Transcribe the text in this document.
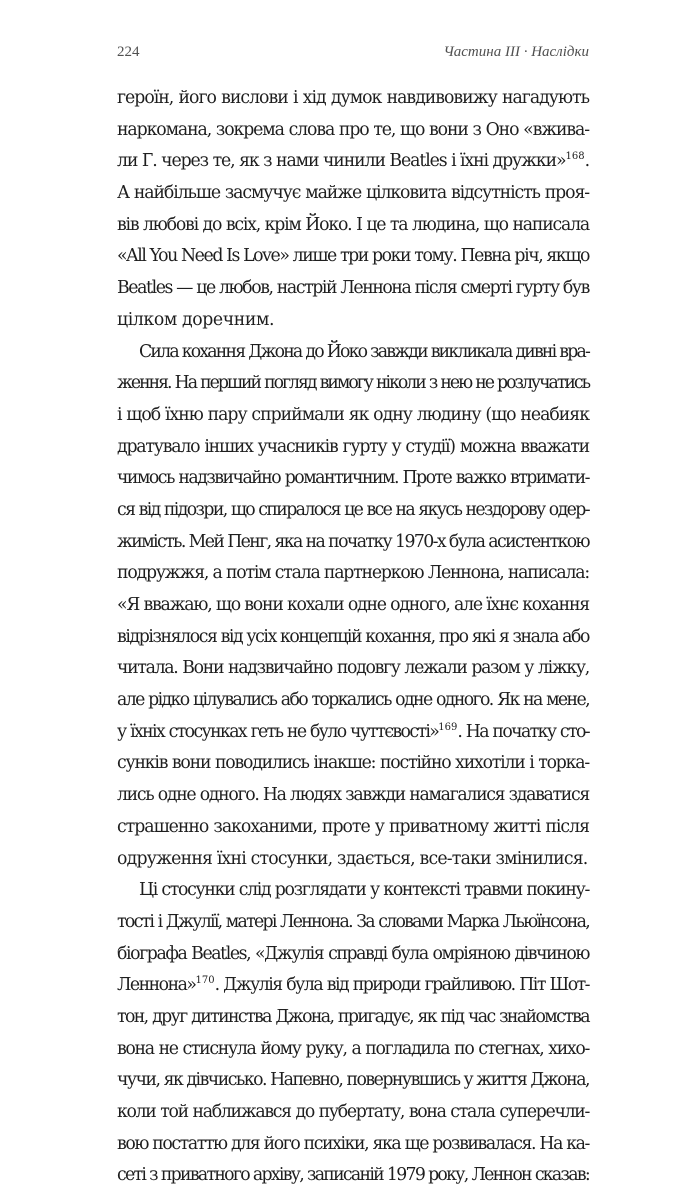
224	Частина III · Наслідки
героїн, його вислови і хід думок навдивовижу нагадують
наркомана, зокрема слова про те, що вони з Оно «вжива-
ли Г. через те, як з нами чинили Beatles і їхні дружки»$^{168}$.
А найбільше засмучує майже цілковита відсутність проя-
вів любові до всіх, крім Йоко. І це та людина, що написала
«All You Need Is Love» лише три роки тому. Певна річ, якщо
Beatles — це любов, настрій Леннона після смерті гурту був
цілком доречним.
Сила кохання Джона до Йоко завжди викликала дивні вра-
ження. На перший погляд вимогу ніколи з нею не розлучатись
і щоб їхню пару сприймали як одну людину (що неабияк
дратувало інших учасників гурту у студії) можна вважати
чимось надзвичайно романтичним. Проте важко втримати-
ся від підозри, що спиралося це все на якусь нездорову одер-
жимість. Мей Пенг, яка на початку 1970-х була асистенткою
подружжя, а потім стала партнеркою Леннона, написала:
«Я вважаю, що вони кохали одне одного, але їхнє кохання
відрізнялося від усіх концепцій кохання, про які я знала або
читала. Вони надзвичайно подовгу лежали разом у ліжку,
але рідко цілувались або торкались одне одного. Як на мене,
у їхніх стосунках геть не було чуттєвості»$^{169}$. На початку сто-
сунків вони поводились інакше: постійно хихотіли і торка-
лись одне одного. На людях завжди намагалися здаватися
страшенно закоханими, проте у приватному житті після
одруження їхні стосунки, здається, все-таки змінилися.
Ці стосунки слід розглядати у контексті травми покину-
тості і Джулії, матері Леннона. За словами Марка Льюїнсона,
біографа Beatles, «Джулія справді була омріяною дівчиною
Леннона»$^{170}$. Джулія була від природи грайливою. Піт Шот-
тон, друг дитинства Джона, пригадує, як під час знайомства
вона не стиснула йому руку, а погладила по стегнах, хихо-
чучи, як дівчисько. Напевно, повернувшись у життя Джона,
коли той наближався до пубертату, вона стала суперечли-
вою постаттю для його психіки, яка ще розвивалася. На ка-
сеті з приватного архіву, записаній 1979 року, Леннон сказав:
